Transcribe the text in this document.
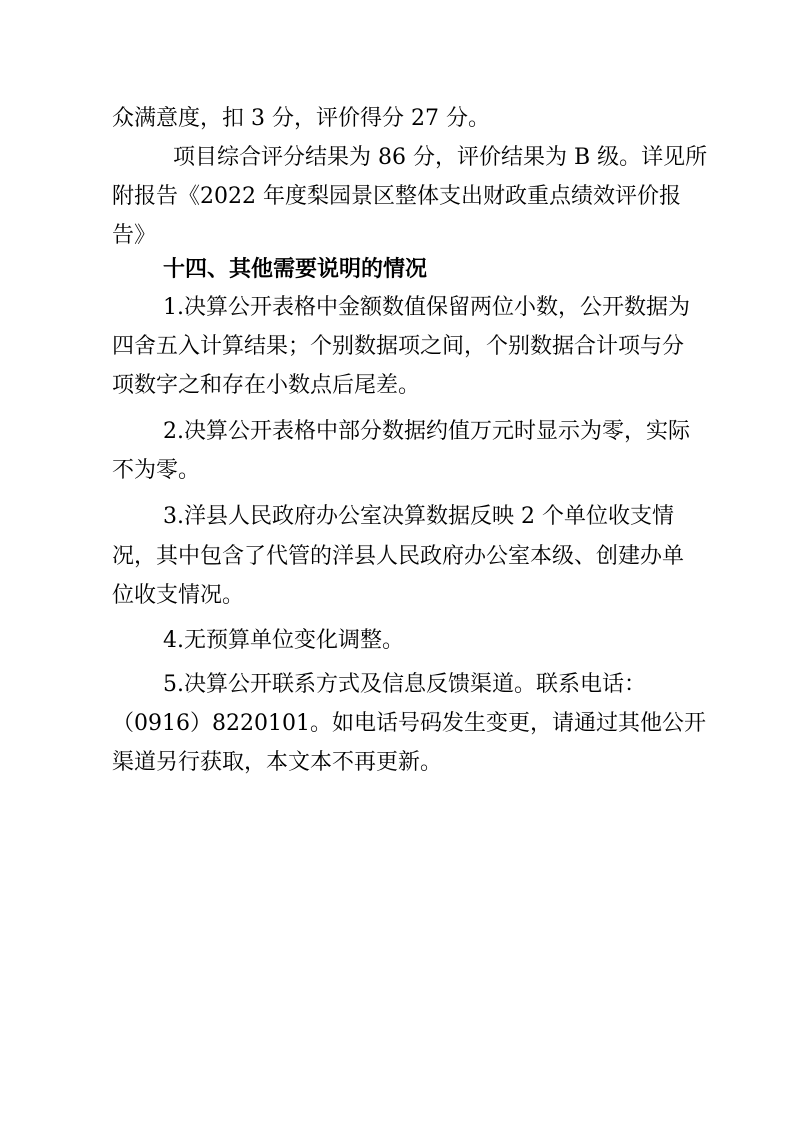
众满意度，扣 3 分，评价得分 27 分。
项目综合评分结果为 86 分，评价结果为 B 级。详见所
附报告《2022 年度梨园景区整体支出财政重点绩效评价报
告》
十四、其他需要说明的情况
1.决算公开表格中金额数值保留两位小数，公开数据为
四舍五入计算结果；个别数据项之间，个别数据合计项与分
项数字之和存在小数点后尾差。
2.决算公开表格中部分数据约值万元时显示为零，实际
不为零。
3.洋县人民政府办公室决算数据反映 2 个单位收支情
况，其中包含了代管的洋县人民政府办公室本级、创建办单
位收支情况。
4.无预算单位变化调整。
5.决算公开联系方式及信息反馈渠道。联系电话：
（0916）8220101。如电话号码发生变更，请通过其他公开
渠道另行获取，本文本不再更新。
